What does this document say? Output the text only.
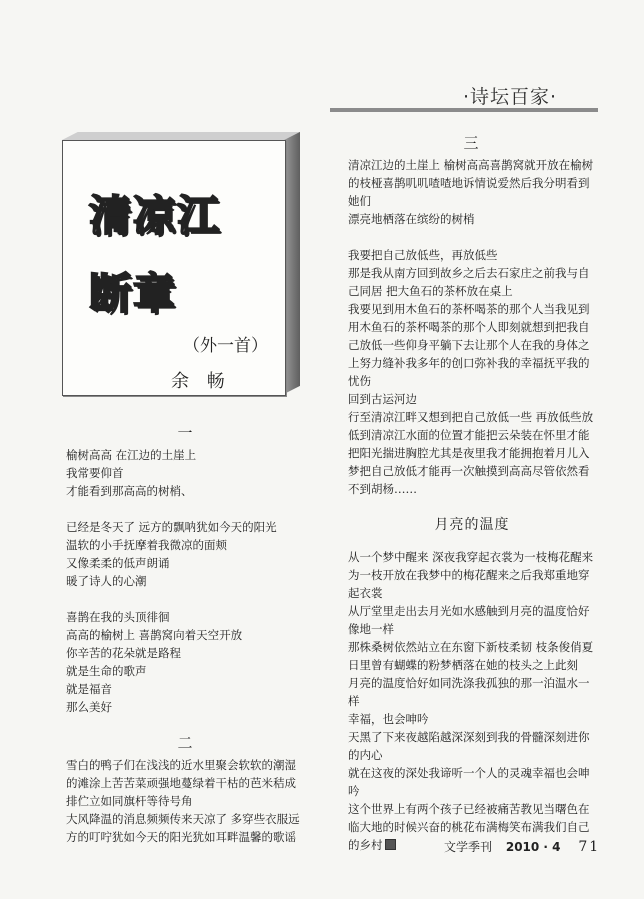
·诗坛百家·
清凉江
断章
（外一首）
余 畅
一

榆树高高 在江边的土崖上

我常要仰首

才能看到那高高的树梢、

已经是冬天了 远方的飘呐犹如今天的阳光

温软的小手抚摩着我微凉的面颊

又像柔柔的低声朗诵

暖了诗人的心潮

喜鹊在我的头顶徘徊

高高的榆树上 喜鹊窝向着天空开放

你辛苦的花朵就是路程

就是生命的歌声

就是福音

那么美好

二

雪白的鸭子们在浅浅的近水里聚会软软的潮湿的滩涂上苦苦菜顽强地蔓绿着干枯的芭米秸成排伫立如同旗杆等待号角

大风降温的消息频频传来天凉了 多穿些衣服远方的叮咛犹如今天的阳光犹如耳畔温馨的歌谣

三

清凉江边的土崖上 榆树高高喜鹊窝就开放在榆树的枝桠喜鹊叽叽喳喳地诉情说爱然后我分明看到她们

漂亮地栖落在缤纷的树梢

我要把自己放低些，再放低些

那是我从南方回到故乡之后去石家庄之前我与自己同居 把大鱼石的茶杯放在桌上

我要见到用木鱼石的茶杯喝茶的那个人当我见到用木鱼石的茶杯喝茶的那个人即刻就想到把我自己放低一些仰身平躺下去让那个人在我的身体之上努力缝补我多年的创口弥补我的幸福抚平我的忧伤

回到古运河边

行至清凉江畔又想到把自己放低一些 再放低些放低到清凉江水面的位置才能把云朵装在怀里才能把阳光揣进胸腔尤其是夜里我才能拥抱着月儿入梦把自己放低才能再一次触摸到高高尽管依然看不到胡杨……

月亮的温度

从一个梦中醒来 深夜我穿起衣裳为一枝梅花醒来为一枝开放在我梦中的梅花醒来之后我郑重地穿起衣裳

从厅堂里走出去月光如水感触到月亮的温度恰好像地一样

那株桑树依然站立在东窗下新枝柔韧 枝条俊俏夏日里曾有蝴蝶的粉梦栖落在她的枝头之上此刻

月亮的温度恰好如同洗涤我孤独的那一泊温水一样

幸福，也会呻吟

天黑了下来夜越陷越深深刻到我的骨髓深刻进你的内心

就在这夜的深处我谛听一个人的灵魂幸福也会呻吟

这个世界上有两个孩子已经被痛苦教见当曙色在临大地的时候兴奋的桃花布满梅笑布满我们自己的乡村	文学季刊 2010 · 4 71
